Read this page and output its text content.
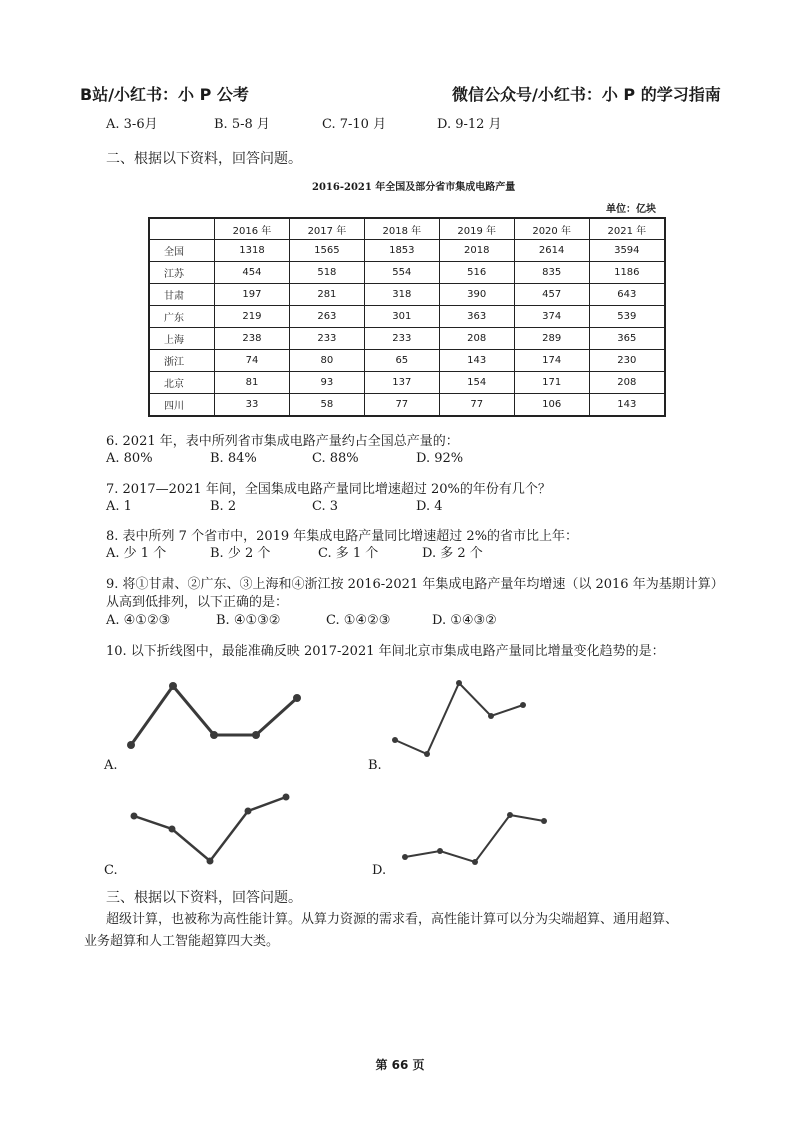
B站/小红书：小 P 公考	微信公众号/小红书：小 P 的学习指南
A. 3-6月	B. 5-8 月	C. 7-10 月	D. 9-12 月
二、根据以下资料，回答问题。
2016-2021 年全国及部分省市集成电路产量
单位：亿块
	2016 年	2017 年	2018 年	2019 年	2020 年	2021 年
全国	1318	1565	1853	2018	2614	3594
江苏	454	518	554	516	835	1186
甘肃	197	281	318	390	457	643
广东	219	263	301	363	374	539
上海	238	233	233	208	289	365
浙江	74	80	65	143	174	230
北京	81	93	137	154	171	208
四川	33	58	77	77	106	143
6. 2021 年，表中所列省市集成电路产量约占全国总产量的：
A. 80%	B. 84%	C. 88%	D. 92%
7. 2017—2021 年间，全国集成电路产量同比增速超过 20%的年份有几个？
A. 1	B. 2	C. 3	D. 4
8. 表中所列 7 个省市中，2019 年集成电路产量同比增速超过 2%的省市比上年：
A. 少 1 个	B. 少 2 个	C. 多 1 个	D. 多 2 个
9. 将①甘肃、②广东、③上海和④浙江按 2016-2021 年集成电路产量年均增速（以 2016 年为基期计算）
从高到低排列，以下正确的是：
A. ④①②③	B. ④①③②	C. ①④②③	D. ①④③②
10. 以下折线图中，最能准确反映 2017-2021 年间北京市集成电路产量同比增量变化趋势的是：
A.	B.
C.	D.
三、根据以下资料，回答问题。
超级计算，也被称为高性能计算。从算力资源的需求看，高性能计算可以分为尖端超算、通用超算、
业务超算和人工智能超算四大类。
第 66 页
